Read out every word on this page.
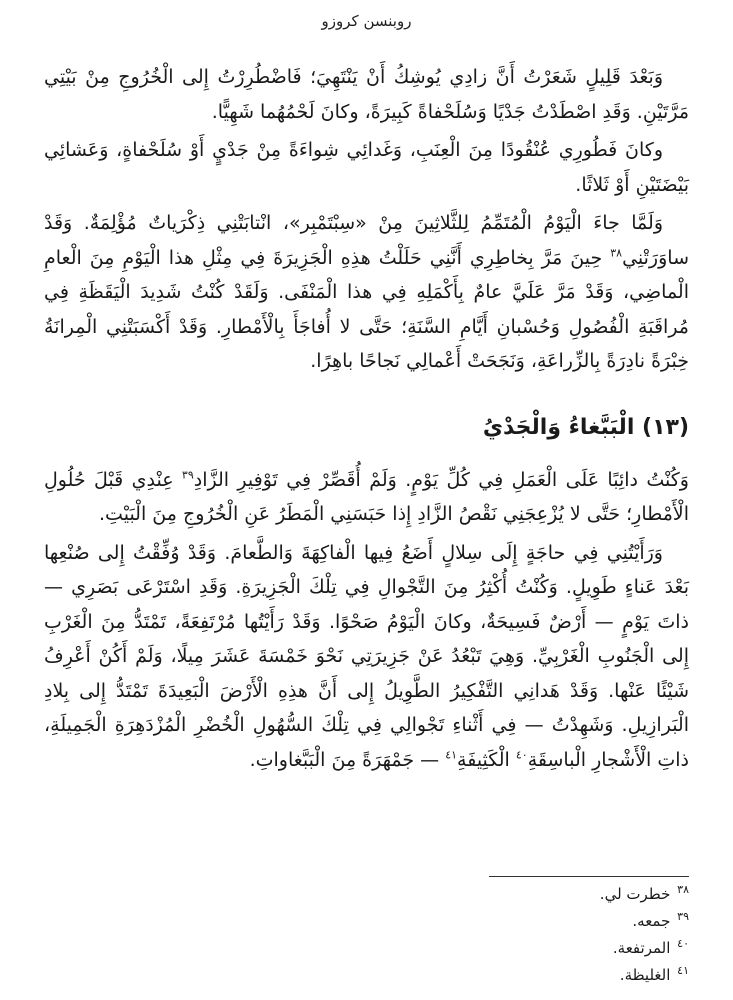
روبنسن كروزو

وَبَعْدَ قَلِيلٍ شَعَرْتُ أَنَّ زادِي يُوشِكُ أَنْ يَنْتَهِيَ؛ فَاضْطُرِرْتُ إِلى الْخُرُوجِ مِنْ بَيْتِي مَرَّتَيْنِ. وَقَدِ اصْطَدْتُ جَدْيًا وَسُلَحْفاةً كَبِيرَةً، وكانَ لَحْمُهُما شَهِيًّا.

وكانَ فَطُورِي عُنْقُودًا مِنَ الْعِنَبِ، وَغَدائِي شِواءَةً مِنْ جَدْيٍ أَوْ سُلَحْفاةٍ، وَعَشائِي بَيْضَتَيْنِ أَوْ ثَلاثًا.

وَلَمَّا جاءَ الْيَوْمُ الْمُتَمِّمُ لِلثَّلاثِينَ مِنْ «سِبْتَمْبِر»، انْتابَتْنِي ذِكْرَياتٌ مُؤْلِمَةٌ. وَقَدْ ساوَرَتْنِي$^{٣٨}$ حِينَ مَرَّ بِخاطِرِي أَنَّنِي حَلَلْتُ هذِهِ الْجَزِيرَةَ فِي مِثْلِ هذا الْيَوْمِ مِنَ الْعامِ الْماضِي، وَقَدْ مَرَّ عَلَيَّ عامٌ بِأَكْمَلِهِ فِي هذا الْمَنْفَى. وَلَقَدْ كُنْتُ شَدِيدَ الْيَقَظَةِ فِي مُراقَبَةِ الْفُصُولِ وَحُسْبانِ أَيَّامِ السَّنَةِ؛ حَتَّى لا أُفاجَأَ بِالْأَمْطارِ. وَقَدْ أَكْسَبَتْنِي الْمِرانَةُ خِبْرَةً نادِرَةً بِالزِّراعَةِ، وَنَجَحَتْ أَعْمالِي نَجاحًا باهِرًا.

(١٣) الْبَبَّغاءُ وَالْجَدْيُ

وَكُنْتُ دائِبًا عَلَى الْعَمَلِ فِي كُلِّ يَوْمٍ. وَلَمْ أُقَصِّرْ فِي تَوْفِيرِ الزَّادِ$^{٣٩}$ عِنْدِي قَبْلَ حُلُولِ الْأَمْطارِ؛ حَتَّى لا يُزْعِجَنِي نَقْصُ الزَّادِ إِذا حَبَسَنِي الْمَطَرُ عَنِ الْخُرُوجِ مِنَ الْبَيْتِ.

وَرَأَيْتُنِي فِي حاجَةٍ إِلَى سِلالٍ أَضَعُ فِيها الْفاكِهَةَ وَالطَّعامَ. وَقَدْ وُفِّقْتُ إِلى صُنْعِها بَعْدَ عَناءٍ طَوِيلٍ. وَكُنْتُ أُكْثِرُ مِنَ التَّجْوالِ فِي تِلْكَ الْجَزِيرَةِ. وَقَدِ اسْتَرْعَى بَصَرِي — ذاتَ يَوْمٍ — أَرْضٌ فَسِيحَةٌ، وكانَ الْيَوْمُ صَحْوًا. وَقَدْ رَأَيْتُها مُرْتَفِعَةً، تَمْتَدُّ مِنَ الْغَرْبِ إِلى الْجَنُوبِ الْغَرْبِيِّ. وَهِيَ تَبْعُدُ عَنْ جَزِيرَتِي نَحْوَ خَمْسَةَ عَشَرَ مِيلًا، وَلَمْ أَكُنْ أَعْرِفُ شَيْئًا عَنْها. وَقَدْ هَدانِي التَّفْكِيرُ الطَّوِيلُ إِلى أَنَّ هذِهِ الْأَرْضَ الْبَعِيدَةَ تَمْتَدُّ إِلى بِلادِ الْبَرازِيلِ. وَشَهِدْتُ — فِي أَثْناءِ تَجْوالِي فِي تِلْكَ السُّهُولِ الْخُضْرِ الْمُزْدَهِرَةِ الْجَمِيلَةِ، ذاتِ الْأَشْجارِ الْباسِقَةِ$^{٤٠}$ الْكَثِيفَةِ$^{٤١}$ — جَمْهَرَةً مِنَ الْبَبَّغاواتِ.

$^{٣٨}$ خطرت لي.

$^{٣٩}$ جمعه.

$^{٤٠}$ المرتفعة.

$^{٤١}$ الغليظة.
